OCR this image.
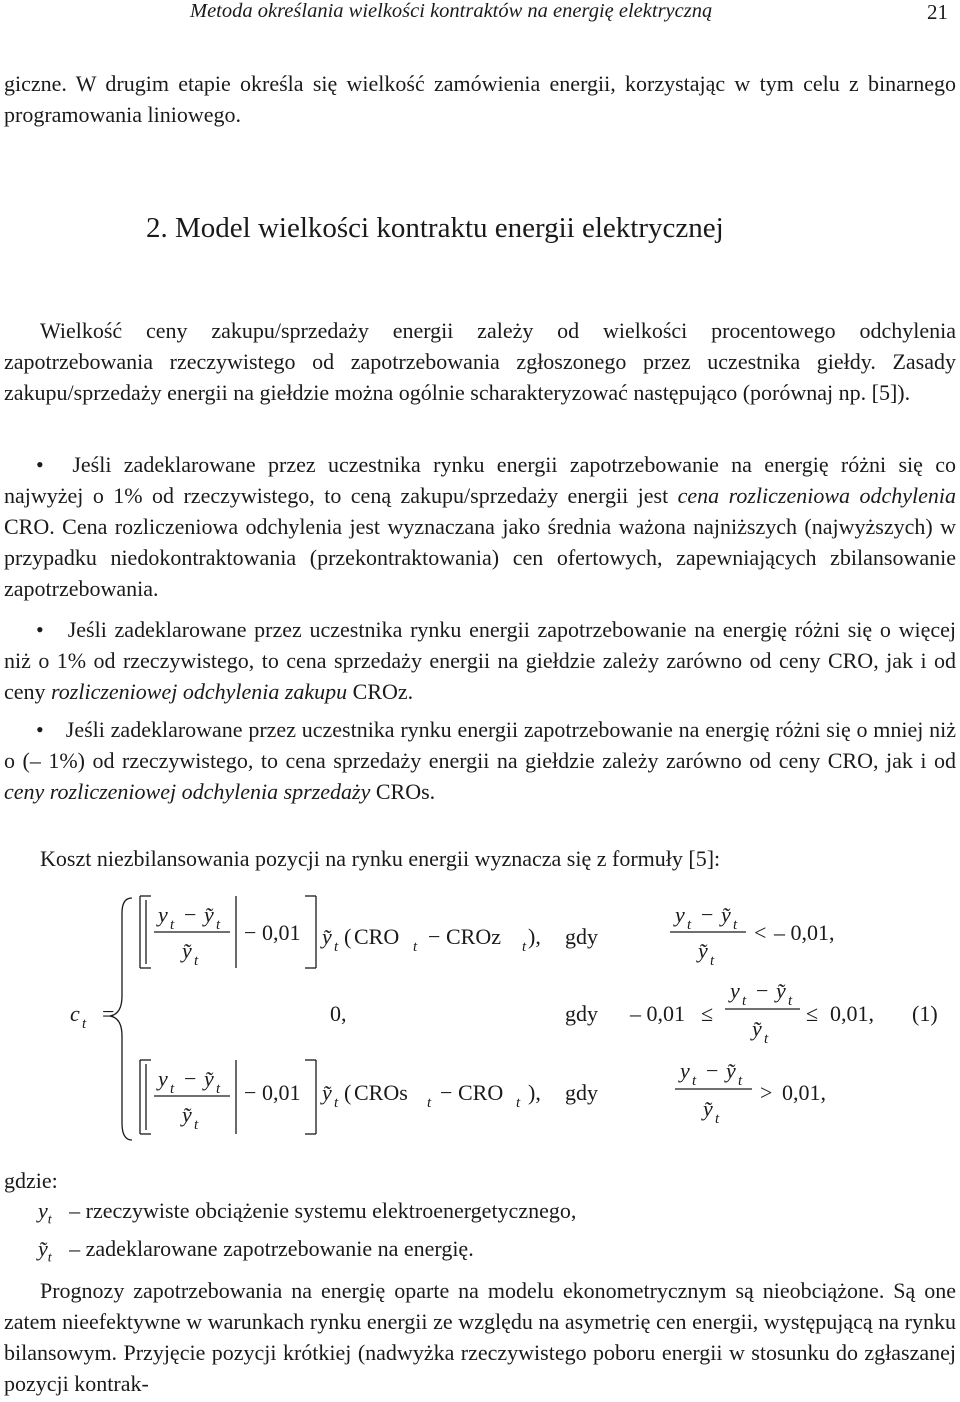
Metoda określania wielkości kontraktów na energię elektryczną	21
giczne. W drugim etapie określa się wielkość zamówienia energii, korzystając w tym celu z binarnego programowania liniowego.
2. Model wielkości kontraktu energii elektrycznej
Wielkość ceny zakupu/sprzedaży energii zależy od wielkości procentowego odchylenia zapotrzebowania rzeczywistego od zapotrzebowania zgłoszonego przez uczestnika giełdy. Zasady zakupu/sprzedaży energii na giełdzie można ogólnie scharakteryzować następująco (porównaj np. [5]).
• Jeśli zadeklarowane przez uczestnika rynku energii zapotrzebowanie na energię różni się co najwyżej o 1% od rzeczywistego, to ceną zakupu/sprzedaży energii jest cena rozliczeniowa odchylenia CRO. Cena rozliczeniowa odchylenia jest wyznaczana jako średnia ważona najniższych (najwyższych) w przypadku niedokontraktowania (przekontraktowania) cen ofertowych, zapewniających zbilansowanie zapotrzebowania.
• Jeśli zadeklarowane przez uczestnika rynku energii zapotrzebowanie na energię różni się o więcej niż o 1% od rzeczywistego, to cena sprzedaży energii na giełdzie zależy zarówno od ceny CRO, jak i od ceny rozliczeniowej odchylenia zakupu CROz.
• Jeśli zadeklarowane przez uczestnika rynku energii zapotrzebowanie na energię różni się o mniej niż o (– 1%) od rzeczywistego, to cena sprzedaży energii na giełdzie zależy zarówno od ceny CRO, jak i od ceny rozliczeniowej odchylenia sprzedaży CROs.
Koszt niezbilansowania pozycji na rynku energii wyznacza się z formuły [5]:
c t =
y t − y͂ t
y͂ t
− 0,01 y͂ t ( CRO t − CROz t ), gdy
y t − y͂ t
y͂ t
< – 0,01,
0,	gdy – 0,01 ≤
y t − y͂ t
y͂ t
≤ 0,01, (1)
y t − y͂ t
y͂ t
− 0,01 y͂ t ( CROs t − CRO t ), gdy
y t − y͂ t
y͂ t
> 0,01,
gdzie:
$y_t$ – rzeczywiste obciążenie systemu elektroenergetycznego,
$y͂_t$ – zadeklarowane zapotrzebowanie na energię.
Prognozy zapotrzebowania na energię oparte na modelu ekonometrycznym są nieobciążone. Są one zatem nieefektywne w warunkach rynku energii ze względu na asymetrię cen energii, występującą na rynku bilansowym. Przyjęcie pozycji krótkiej (nadwyżka rzeczywistego poboru energii w stosunku do zgłaszanej pozycji kontrak-
